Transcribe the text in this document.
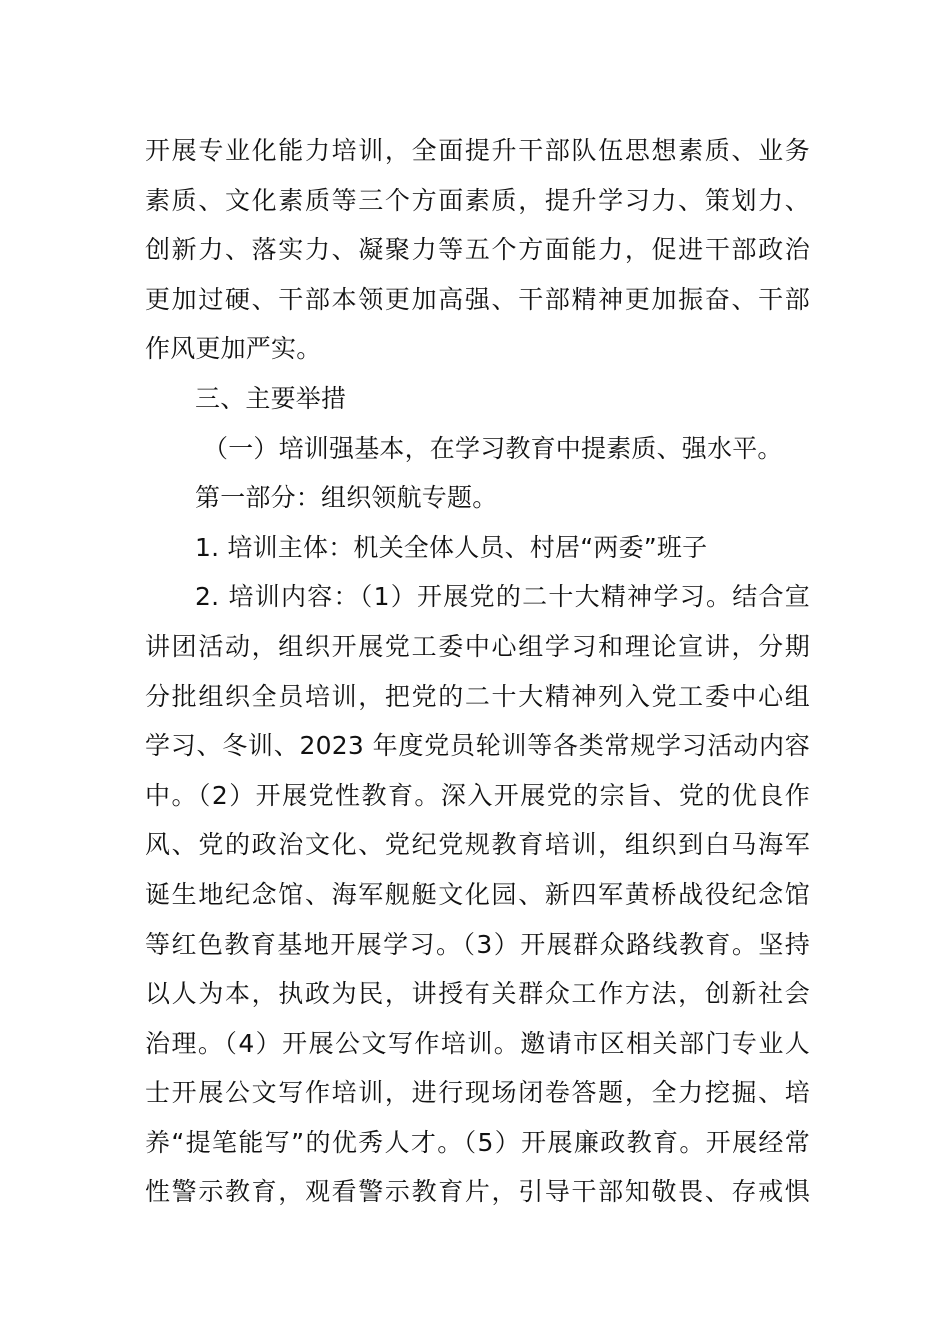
开展专业化能力培训，全面提升干部队伍思想素质、业务
素质、文化素质等三个方面素质，提升学习力、策划力、
创新力、落实力、凝聚力等五个方面能力，促进干部政治
更加过硬、干部本领更加高强、干部精神更加振奋、干部
作风更加严实。
三、主要举措
（一）培训强基本，在学习教育中提素质、强水平。
第一部分：组织领航专题。
1. 培训主体：机关全体人员、村居“两委”班子
2. 培训内容：（1）开展党的二十大精神学习。结合宣
讲团活动，组织开展党工委中心组学习和理论宣讲，分期
分批组织全员培训，把党的二十大精神列入党工委中心组
学习、冬训、2023 年度党员轮训等各类常规学习活动内容
中。（2）开展党性教育。深入开展党的宗旨、党的优良作
风、党的政治文化、党纪党规教育培训，组织到白马海军
诞生地纪念馆、海军舰艇文化园、新四军黄桥战役纪念馆
等红色教育基地开展学习。（3）开展群众路线教育。坚持
以人为本，执政为民，讲授有关群众工作方法，创新社会
治理。（4）开展公文写作培训。邀请市区相关部门专业人
士开展公文写作培训，进行现场闭卷答题，全力挖掘、培
养“提笔能写”的优秀人才。（5）开展廉政教育。开展经常
性警示教育，观看警示教育片，引导干部知敬畏、存戒惧
